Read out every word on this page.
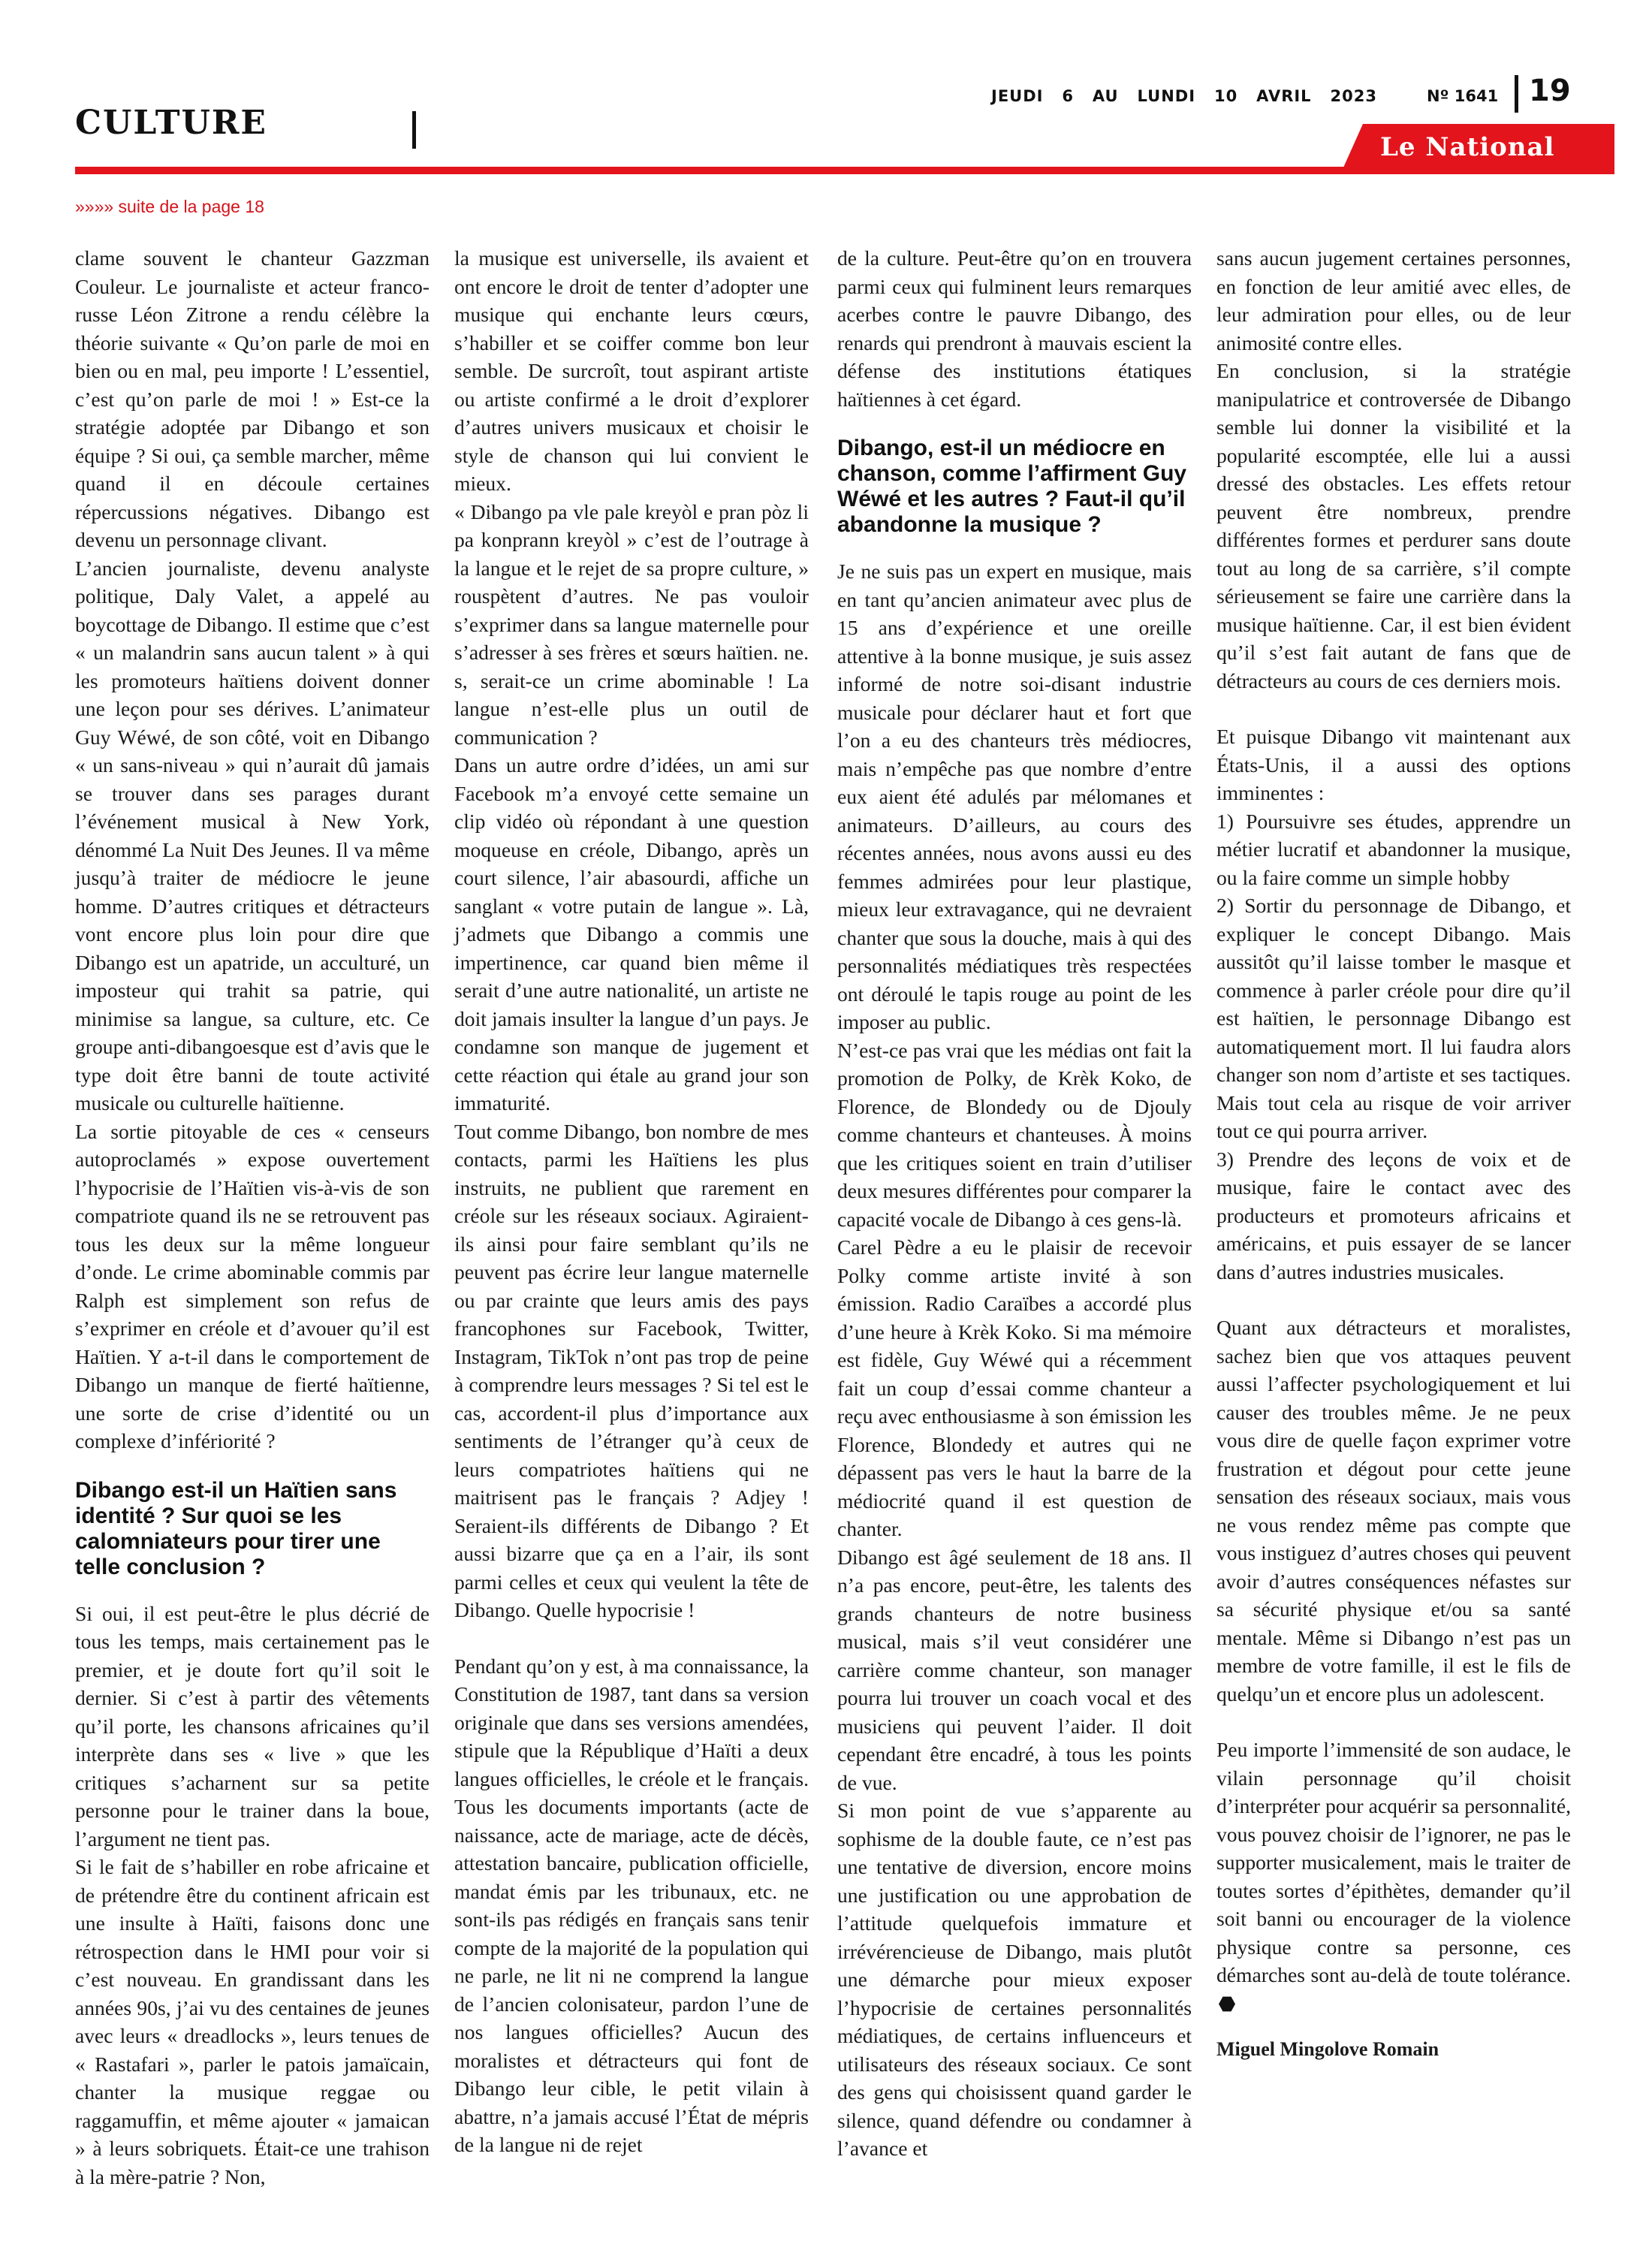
CULTURE
JEUDI   6   AU   LUNDI   10   AVRIL   2023	Nº 1641 19
Le National
»»»» suite de la page 18

clame souvent le chanteur Gazzman Couleur. Le journaliste et acteur franco-russe Léon Zitrone a rendu célèbre la théorie suivante « Qu’on parle de moi en bien ou en mal, peu importe ! L’essentiel, c’est qu’on parle de moi ! » Est-ce la stratégie adoptée par Dibango et son équipe ? Si oui, ça semble marcher, même quand il en découle certaines répercussions négatives. Dibango est devenu un personnage clivant.

L’ancien journaliste, devenu analyste politique, Daly Valet, a appelé au boycottage de Dibango. Il estime que c’est « un malandrin sans aucun talent » à qui les promoteurs haïtiens doivent donner une leçon pour ses dérives. L’animateur Guy Wéwé, de son côté, voit en Dibango « un sans-niveau » qui n’aurait dû jamais se trouver dans ses parages durant l’événement musical à New York, dénommé La Nuit Des Jeunes. Il va même jusqu’à traiter de médiocre le jeune homme. D’autres critiques et détracteurs vont encore plus loin pour dire que Dibango est un apatride, un acculturé, un imposteur qui trahit sa patrie, qui minimise sa langue, sa culture, etc. Ce groupe anti-dibangoesque est d’avis que le type doit être banni de toute activité musicale ou culturelle haïtienne.

La sortie pitoyable de ces « censeurs autoproclamés » expose ouvertement l’hypocrisie de l’Haïtien vis-à-vis de son compatriote quand ils ne se retrouvent pas tous les deux sur la même longueur d’onde. Le crime abominable commis par Ralph est simplement son refus de s’exprimer en créole et d’avouer qu’il est Haïtien. Y a-t-il dans le comportement de Dibango un manque de fierté haïtienne, une sorte de crise d’identité ou un complexe d’infériorité ?

Dibango est-il un Haïtien sans identité ? Sur quoi se les calomniateurs pour tirer une telle conclusion ?

Si oui, il est peut-être le plus décrié de tous les temps, mais certainement pas le premier, et je doute fort qu’il soit le dernier. Si c’est à partir des vêtements qu’il porte, les chansons africaines qu’il interprète dans ses « live » que les critiques s’acharnent sur sa petite personne pour le trainer dans la boue, l’argument ne tient pas.

Si le fait de s’habiller en robe africaine et de prétendre être du continent africain est une insulte à Haïti, faisons donc une rétrospection dans le HMI pour voir si c’est nouveau. En grandissant dans les années 90s, j’ai vu des centaines de jeunes avec leurs « dreadlocks », leurs tenues de « Rastafari », parler le patois jamaïcain, chanter la musique reggae ou raggamuffin, et même ajouter « jamaican » à leurs sobriquets. Était-ce une trahison à la mère-patrie ? Non,

la musique est universelle, ils avaient et ont encore le droit de tenter d’adopter une musique qui enchante leurs cœurs, s’habiller et se coiffer comme bon leur semble. De surcroît, tout aspirant artiste ou artiste confirmé a le droit d’explorer d’autres univers musicaux et choisir le style de chanson qui lui convient le mieux.

« Dibango pa vle pale kreyòl e pran pòz li pa konprann kreyòl » c’est de l’outrage à la langue et le rejet de sa propre culture, » rouspètent d’autres. Ne pas vouloir s’exprimer dans sa langue maternelle pour s’adresser à ses frères et sœurs haïtien. ne. s, serait-ce un crime abominable ! La langue n’est-elle plus un outil de communication ?

Dans un autre ordre d’idées, un ami sur Facebook m’a envoyé cette semaine un clip vidéo où répondant à une question moqueuse en créole, Dibango, après un court silence, l’air abasourdi, affiche un sanglant « votre putain de langue ». Là, j’admets que Dibango a commis une impertinence, car quand bien même il serait d’une autre nationalité, un artiste ne doit jamais insulter la langue d’un pays. Je condamne son manque de jugement et cette réaction qui étale au grand jour son immaturité.

Tout comme Dibango, bon nombre de mes contacts, parmi les Haïtiens les plus instruits, ne publient que rarement en créole sur les réseaux sociaux. Agiraient-ils ainsi pour faire semblant qu’ils ne peuvent pas écrire leur langue maternelle ou par crainte que leurs amis des pays francophones sur Facebook, Twitter, Instagram, TikTok n’ont pas trop de peine à comprendre leurs messages ? Si tel est le cas, accordent-il plus d’importance aux sentiments de l’étranger qu’à ceux de leurs compatriotes haïtiens qui ne maitrisent pas le français ? Adjey ! Seraient-ils différents de Dibango ? Et aussi bizarre que ça en a l’air, ils sont parmi celles et ceux qui veulent la tête de Dibango. Quelle hypocrisie !

Pendant qu’on y est, à ma connaissance, la Constitution de 1987, tant dans sa version originale que dans ses versions amendées, stipule que la République d’Haïti a deux langues officielles, le créole et le français. Tous les documents importants (acte de naissance, acte de mariage, acte de décès, attestation bancaire, publication officielle, mandat émis par les tribunaux, etc. ne sont-ils pas rédigés en français sans tenir compte de la majorité de la population qui ne parle, ne lit ni ne comprend la langue de l’ancien colonisateur, pardon l’une de nos langues officielles? Aucun des moralistes et détracteurs qui font de Dibango leur cible, le petit vilain à abattre, n’a jamais accusé l’État de mépris de la langue ni de rejet

de la culture. Peut-être qu’on en trouvera parmi ceux qui fulminent leurs remarques acerbes contre le pauvre Dibango, des renards qui prendront à mauvais escient la défense des institutions étatiques haïtiennes à cet égard.

Dibango, est-il un médiocre en chanson, comme l’affirment Guy Wéwé et les autres ? Faut-il qu’il abandonne la musique ?

Je ne suis pas un expert en musique, mais en tant qu’ancien animateur avec plus de 15 ans d’expérience et une oreille attentive à la bonne musique, je suis assez informé de notre soi-disant industrie musicale pour déclarer haut et fort que l’on a eu des chanteurs très médiocres, mais n’empêche pas que nombre d’entre eux aient été adulés par mélomanes et animateurs. D’ailleurs, au cours des récentes années, nous avons aussi eu des femmes admirées pour leur plastique, mieux leur extravagance, qui ne devraient chanter que sous la douche, mais à qui des personnalités médiatiques très respectées ont déroulé le tapis rouge au point de les imposer au public.

N’est-ce pas vrai que les médias ont fait la promotion de Polky, de Krèk Koko, de Florence, de Blondedy ou de Djouly comme chanteurs et chanteuses. À moins que les critiques soient en train d’utiliser deux mesures différentes pour comparer la capacité vocale de Dibango à ces gens-là.

Carel Pèdre a eu le plaisir de recevoir Polky comme artiste invité à son émission. Radio Caraïbes a accordé plus d’une heure à Krèk Koko. Si ma mémoire est fidèle, Guy Wéwé qui a récemment fait un coup d’essai comme chanteur a reçu avec enthousiasme à son émission les Florence, Blondedy et autres qui ne dépassent pas vers le haut la barre de la médiocrité quand il est question de chanter.

Dibango est âgé seulement de 18 ans. Il n’a pas encore, peut-être, les talents des grands chanteurs de notre business musical, mais s’il veut considérer une carrière comme chanteur, son manager pourra lui trouver un coach vocal et des musiciens qui peuvent l’aider. Il doit cependant être encadré, à tous les points de vue.

Si mon point de vue s’apparente au sophisme de la double faute, ce n’est pas une tentative de diversion, encore moins une justification ou une approbation de l’attitude quelquefois immature et irrévérencieuse de Dibango, mais plutôt une démarche pour mieux exposer l’hypocrisie de certaines personnalités médiatiques, de certains influenceurs et utilisateurs des réseaux sociaux. Ce sont des gens qui choisissent quand garder le silence, quand défendre ou condamner à l’avance et

sans aucun jugement certaines personnes, en fonction de leur amitié avec elles, de leur admiration pour elles, ou de leur animosité contre elles.

En conclusion, si la stratégie manipulatrice et controversée de Dibango semble lui donner la visibilité et la popularité escomptée, elle lui a aussi dressé des obstacles. Les effets retour peuvent être nombreux, prendre différentes formes et perdurer sans doute tout au long de sa carrière, s’il compte sérieusement se faire une carrière dans la musique haïtienne. Car, il est bien évident qu’il s’est fait autant de fans que de détracteurs au cours de ces derniers mois.

Et puisque Dibango vit maintenant aux États-Unis, il a aussi des options imminentes :

1) Poursuivre ses études, apprendre un métier lucratif et abandonner la musique, ou la faire comme un simple hobby

2) Sortir du personnage de Dibango, et expliquer le concept Dibango. Mais aussitôt qu’il laisse tomber le masque et commence à parler créole pour dire qu’il est haïtien, le personnage Dibango est automatiquement mort. Il lui faudra alors changer son nom d’artiste et ses tactiques. Mais tout cela au risque de voir arriver tout ce qui pourra arriver.

3) Prendre des leçons de voix et de musique, faire le contact avec des producteurs et promoteurs africains et américains, et puis essayer de se lancer dans d’autres industries musicales.

Quant aux détracteurs et moralistes, sachez bien que vos attaques peuvent aussi l’affecter psychologiquement et lui causer des troubles même. Je ne peux vous dire de quelle façon exprimer votre frustration et dégout pour cette jeune sensation des réseaux sociaux, mais vous ne vous rendez même pas compte que vous instiguez d’autres choses qui peuvent avoir d’autres conséquences néfastes sur sa sécurité physique et/ou sa santé mentale. Même si Dibango n’est pas un membre de votre famille, il est le fils de quelqu’un et encore plus un adolescent.

Peu importe l’immensité de son audace, le vilain personnage qu’il choisit d’interpréter pour acquérir sa personnalité, vous pouvez choisir de l’ignorer, ne pas le supporter musicalement, mais le traiter de toutes sortes d’épithètes, demander qu’il soit banni ou encourager de la violence physique contre sa personne, ces démarches sont au-delà de toute tolérance.

Miguel Mingolove Romain
